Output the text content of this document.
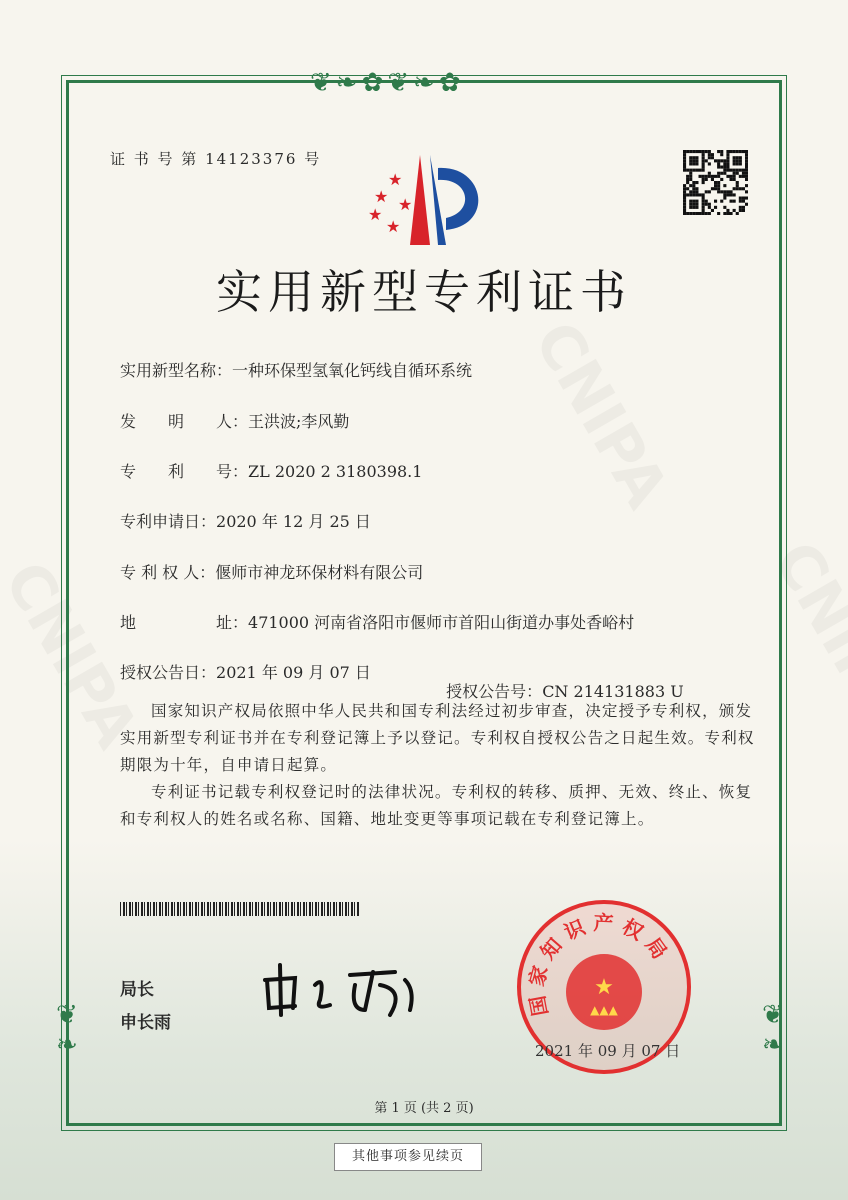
❦❧✿❦❧✿
❦
❧
❦
❧
证 书 号 第 14123376 号
★
★
★
★
★
实用新型专利证书
实用新型名称：一种环保型氢氧化钙线自循环系统
发　　明　　人：王洪波;李风勤
专　　利　　号：ZL 2020 2 3180398.1
专利申请日：2020 年 12 月 25 日
专 利 权 人：偃师市神龙环保材料有限公司
地　　　　　址：471000 河南省洛阳市偃师市首阳山街道办事处香峪村
授权公告日：2021 年 09 月 07 日

授权公告号：CN 214131883 U

国家知识产权局依照中华人民共和国专利法经过初步审查，决定授予专利权，颁发实用新型专利证书并在专利登记簿上予以登记。专利权自授权公告之日起生效。专利权期限为十年，自申请日起算。
专利证书记载专利权登记时的法律状况。专利权的转移、质押、无效、终止、恢复和专利权人的姓名或名称、国籍、地址变更等事项记载在专利登记簿上。
局长
申长雨
国家知识产权局
★
▲▲▲
2021 年 09 月 07 日
第 1 页 (共 2 页)
其他事项参见续页
